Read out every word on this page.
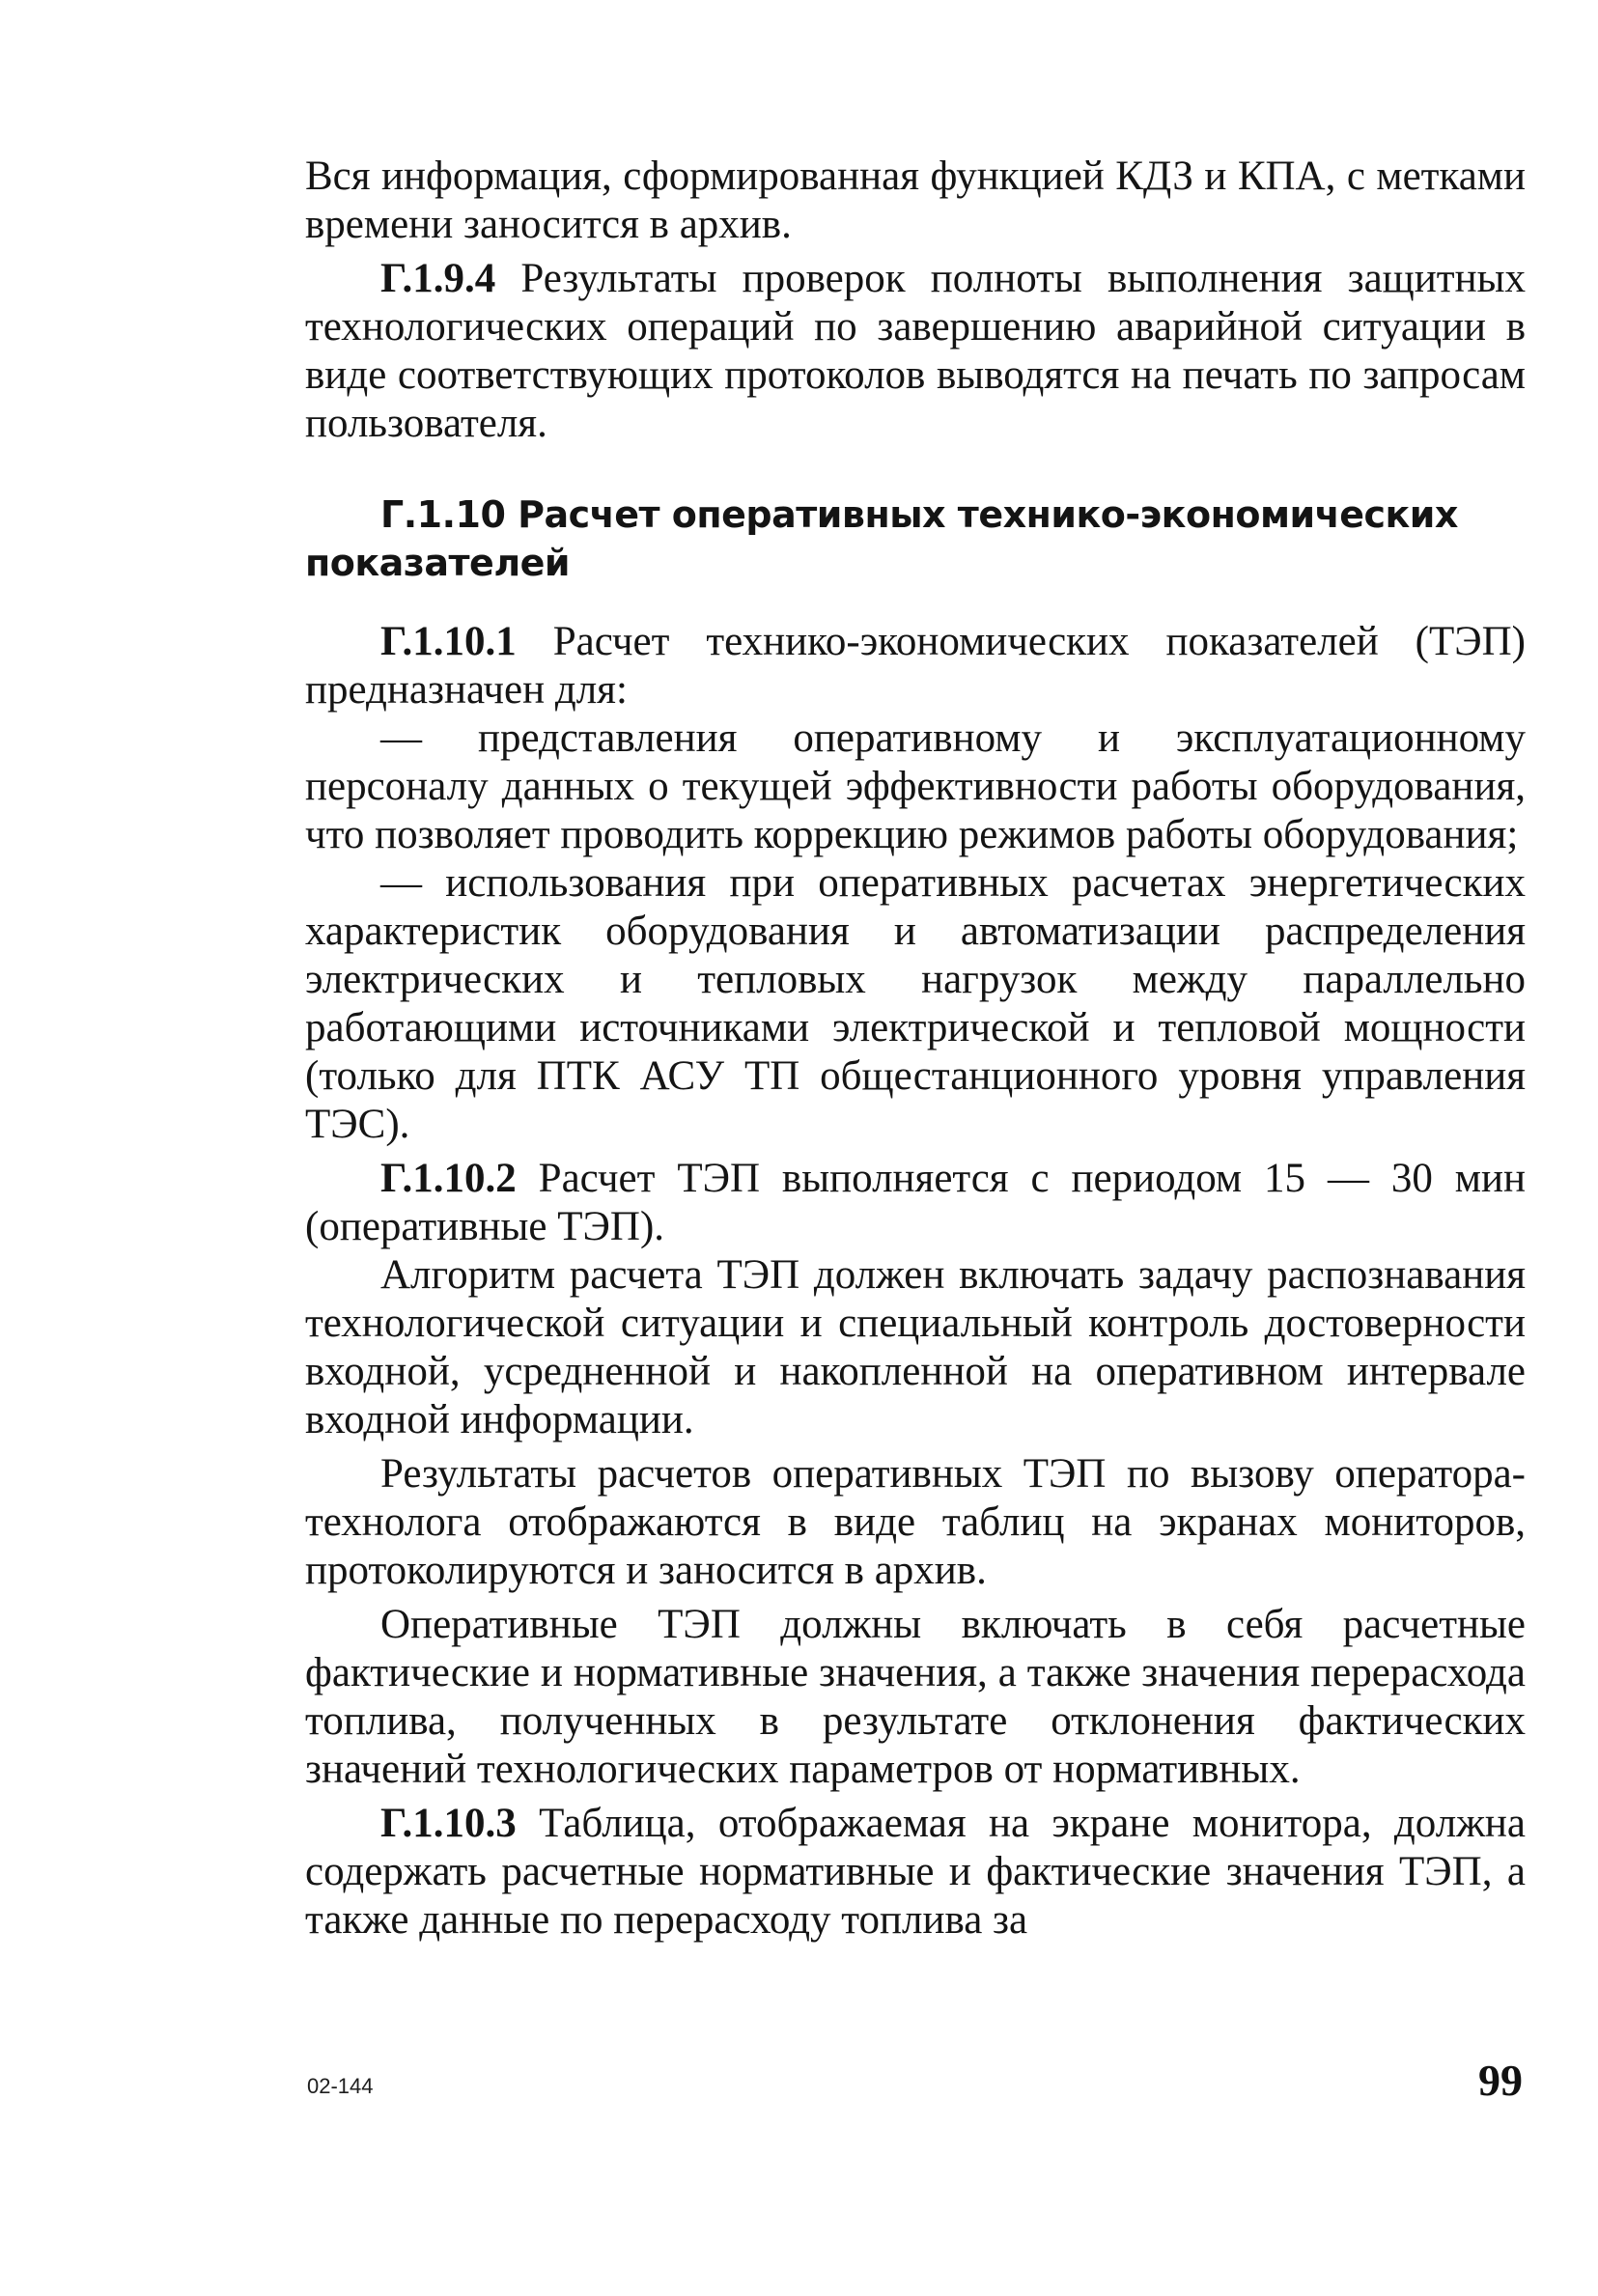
Вся информация, сформированная функцией КДЗ и КПА, с метками времени заносится в архив.

Г.1.9.4 Результаты проверок полноты выполнения защитных технологических операций по завершению аварийной ситуации в виде соответствующих протоколов выводятся на печать по запросам пользователя.

Г.1.10 Расчет оперативных технико-экономических показателей

Г.1.10.1 Расчет технико-экономических показателей (ТЭП) предназначен для:

— представления оперативному и эксплуатационному персоналу данных о текущей эффективности работы оборудования, что позволяет проводить коррекцию режимов работы оборудования;

— использования при оперативных расчетах энергетических характеристик оборудования и автоматизации распределения электрических и тепловых нагрузок между параллельно работающими источниками электрической и тепловой мощности (только для ПТК АСУ ТП общестанционного уровня управления ТЭС).

Г.1.10.2 Расчет ТЭП выполняется с периодом 15 — 30 мин (оперативные ТЭП).

Алгоритм расчета ТЭП должен включать задачу распознавания технологической ситуации и специальный контроль достоверности входной, усредненной и накопленной на оперативном интервале входной информации.

Результаты расчетов оперативных ТЭП по вызову оператора-технолога отображаются в виде таблиц на экранах мониторов, протоколируются и заносится в архив.

Оперативные ТЭП должны включать в себя расчетные фактические и нормативные значения, а также значения перерасхода топлива, полученных в результате отклонения фактических значений технологических параметров от нормативных.

Г.1.10.3 Таблица, отображаемая на экране монитора, должна содержать расчетные нормативные и фактические значения ТЭП, а также данные по перерасходу топлива за

02-144	99
